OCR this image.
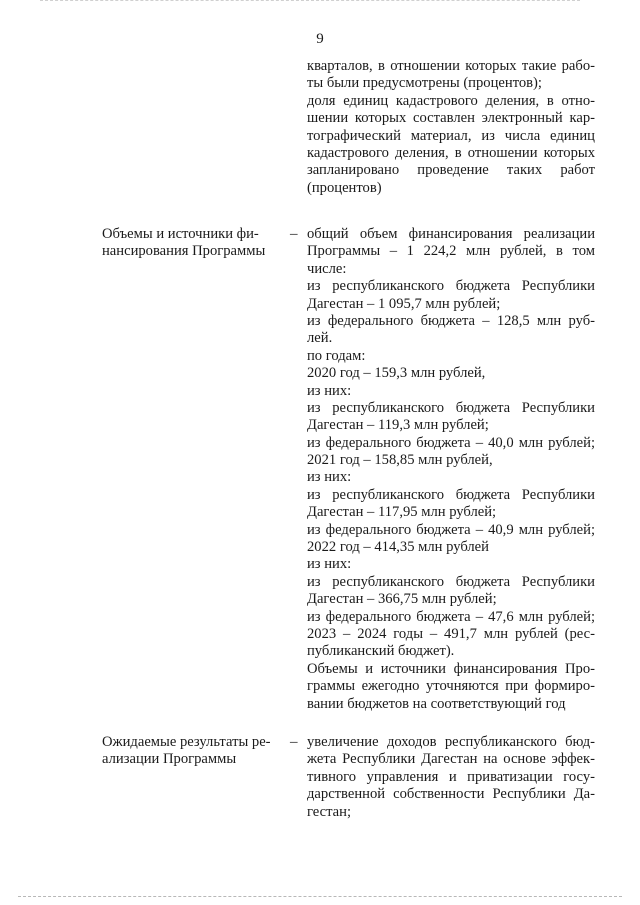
9
кварталов, в отношении которых такие рабо-
ты были предусмотрены (процентов);
доля единиц кадастрового деления, в отно-
шении которых составлен электронный кар-
тографический материал, из числа единиц
кадастрового деления, в отношении которых
запланировано проведение таких работ
(процентов)
Объемы и источники фи-
нансирования Программы
– общий объем финансирования реализации
Программы – 1 224,2 млн рублей, в том
числе:
из республиканского бюджета Республики
Дагестан – 1 095,7 млн рублей;
из федерального бюджета – 128,5 млн руб-
лей.
по годам:
2020 год – 159,3 млн рублей,
из них:
из республиканского бюджета Республики
Дагестан – 119,3 млн рублей;
из федерального бюджета – 40,0 млн рублей;
2021 год – 158,85 млн рублей,
из них:
из республиканского бюджета Республики
Дагестан – 117,95 млн рублей;
из федерального бюджета – 40,9 млн рублей;
2022 год – 414,35 млн рублей
из них:
из республиканского бюджета Республики
Дагестан – 366,75 млн рублей;
из федерального бюджета – 47,6 млн рублей;
2023 – 2024 годы – 491,7 млн рублей (рес-
публиканский бюджет).
Объемы и источники финансирования Про-
граммы ежегодно уточняются при формиро-
вании бюджетов на соответствующий год
Ожидаемые результаты ре-
ализации Программы
– увеличение доходов республиканского бюд-
жета Республики Дагестан на основе эффек-
тивного управления и приватизации госу-
дарственной собственности Республики Да-
гестан;
